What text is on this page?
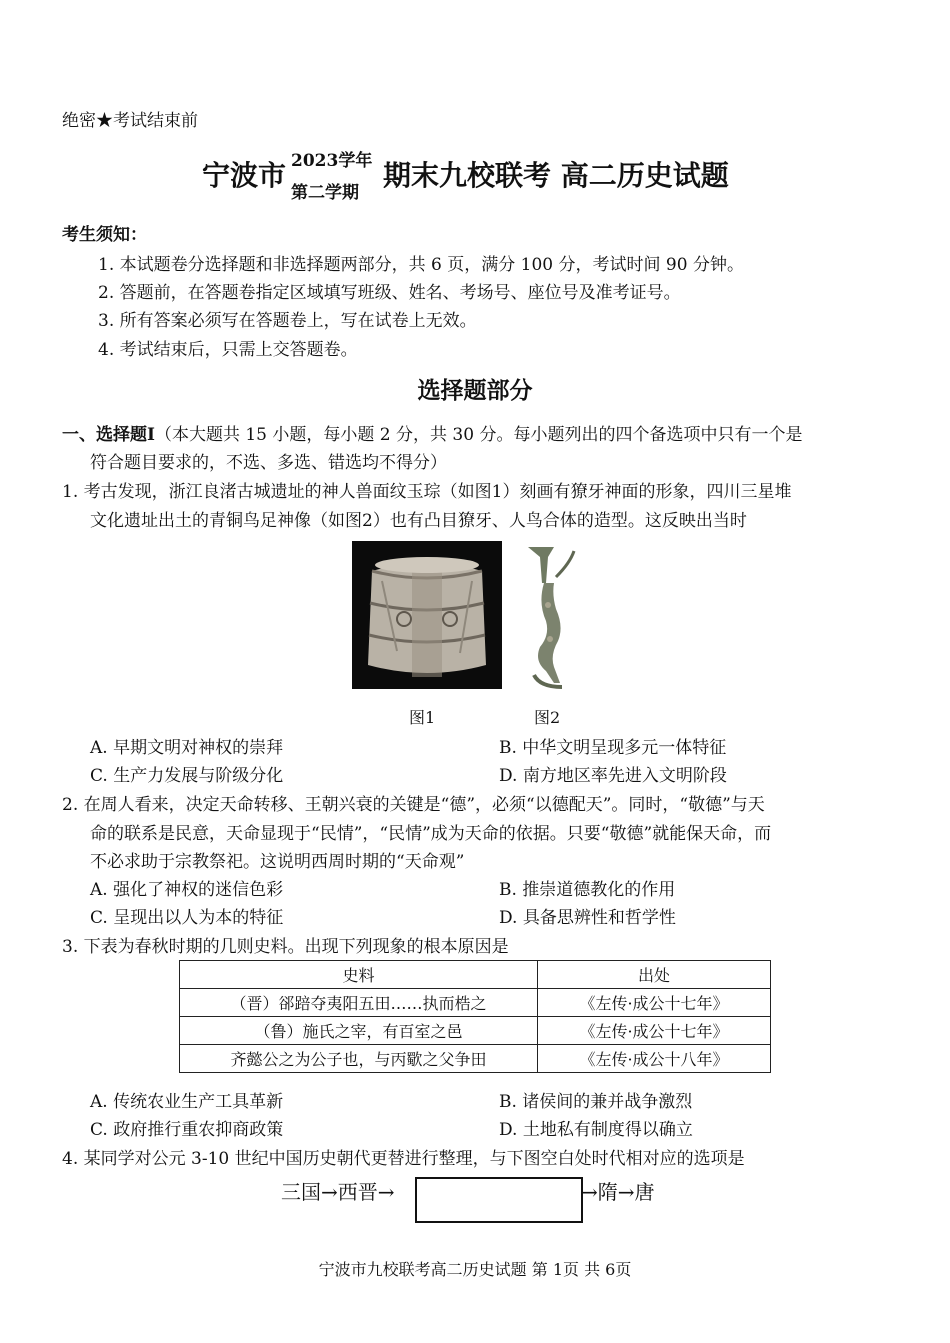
绝密★考试结束前
宁波市 2023学年
第二学期
期末九校联考 高二历史试题
考生须知：
1. 本试题卷分选择题和非选择题两部分，共 6 页，满分 100 分，考试时间 90 分钟。
2. 答题前，在答题卷指定区域填写班级、姓名、考场号、座位号及准考证号。
3. 所有答案必须写在答题卷上，写在试卷上无效。
4. 考试结束后，只需上交答题卷。
选择题部分
一、选择题Ⅰ（本大题共 15 小题，每小题 2 分，共 30 分。每小题列出的四个备选项中只有一个是
符合题目要求的，不选、多选、错选均不得分）
1. 考古发现，浙江良渚古城遗址的神人兽面纹玉琮（如图1）刻画有獠牙神面的形象，四川三星堆
文化遗址出土的青铜鸟足神像（如图2）也有凸目獠牙、人鸟合体的造型。这反映出当时
图1	图2
A. 早期文明对神权的崇拜	B. 中华文明呈现多元一体特征
C. 生产力发展与阶级分化	D. 南方地区率先进入文明阶段
2. 在周人看来，决定天命转移、王朝兴衰的关键是“德”，必须“以德配天”。同时，“敬德”与天
命的联系是民意，天命显现于“民情”，“民情”成为天命的依据。只要“敬德”就能保天命，而
不必求助于宗教祭祀。这说明西周时期的“天命观”
A. 强化了神权的迷信色彩	B. 推崇道德教化的作用
C. 呈现出以人为本的特征	D. 具备思辨性和哲学性
3. 下表为春秋时期的几则史料。出现下列现象的根本原因是
史料	出处
（晋）郤踣夺夷阳五田……执而梏之	《左传·成公十七年》
（鲁）施氏之宰，有百室之邑	《左传·成公十七年》
齐懿公之为公子也，与丙歜之父争田	《左传·成公十八年》
A. 传统农业生产工具革新	B. 诸侯间的兼并战争激烈
C. 政府推行重农抑商政策	D. 土地私有制度得以确立
4. 某同学对公元 3-10 世纪中国历史朝代更替进行整理，与下图空白处时代相对应的选项是
三国→西晋→	→隋→唐
宁波市九校联考高二历史试题 第 1页 共 6页
